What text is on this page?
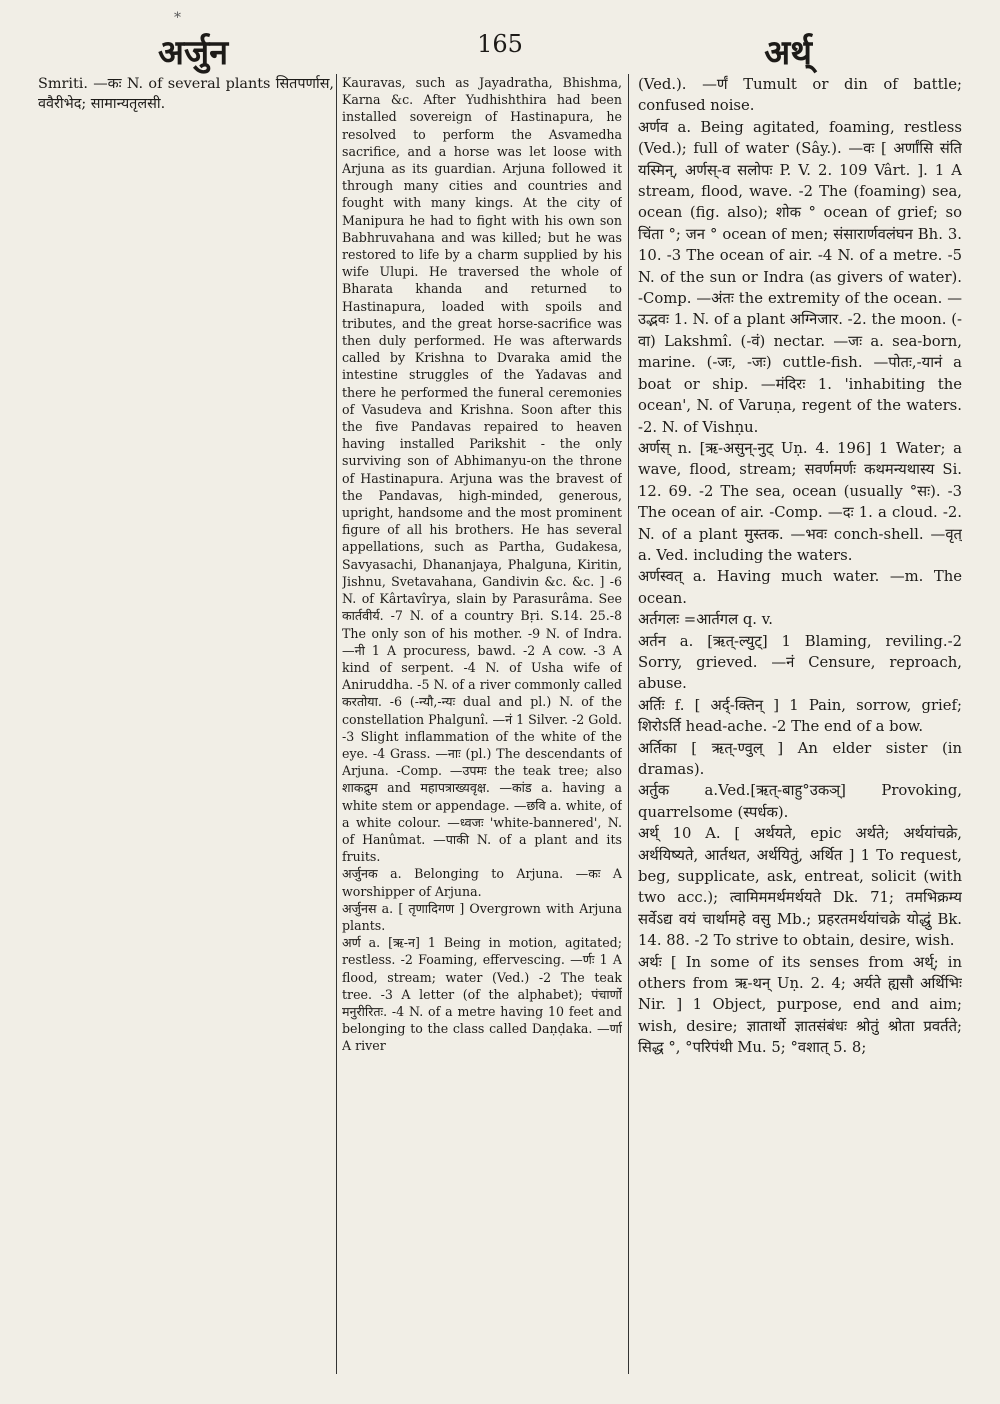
*
अर्जुन	165	अर्थ्

Smriti. —कः N. of several plants सितपर्णास, ववैरीभेद; सामान्यतृलसी.

Kauravas, such as Jayadratha, Bhishma, Karna &c. After Yudhishthira had been installed sovereign of Hastinapura, he resolved to perform the Asvamedha sacrifice, and a horse was let loose with Arjuna as its guardian. Arjuna followed it through many cities and countries and fought with many kings. At the city of Manipura he had to fight with his own son Babhruvahana and was killed; but he was restored to life by a charm supplied by his wife Ulupi. He traversed the whole of Bharata khanda and returned to Hastinapura, loaded with spoils and tributes, and the great horse-sacrifice was then duly performed. He was afterwards called by Krishna to Dvaraka amid the intestine struggles of the Yadavas and there he performed the funeral ceremonies of Vasudeva and Krishna. Soon after this the five Pandavas repaired to heaven having installed Parikshit - the only surviving son of Abhimanyu-on the throne of Hastinapura. Arjuna was the bravest of the Pandavas, high-minded, generous, upright, handsome and the most prominent figure of all his brothers. He has several appellations, such as Partha, Gudakesa, Savyasachi, Dhananjaya, Phalguna, Kiritin, Jishnu, Svetavahana, Gandivin &c. &c. ] -6 N. of Kârtavîrya, slain by Parasurâma. See कार्तवीर्य. -7 N. of a country Bṛi. S.14. 25.-8 The only son of his mother. -9 N. of Indra. —नी 1 A procuress, bawd. -2 A cow. -3 A kind of serpent. -4 N. of Usha wife of Aniruddha. -5 N. of a river commonly called करतोया. -6 (-न्यौ,-न्यः dual and pl.) N. of the constellation Phalgunî. —नं 1 Silver. -2 Gold. -3 Slight inflammation of the white of the eye. -4 Grass. —नाः (pl.) The descendants of Arjuna. -Comp. —उपमः the teak tree; also शाकद्रुम and महापत्राख्यवृक्ष. —कांड a. having a white stem or appendage. —छवि a. white, of a white colour. —ध्वजः 'white-bannered', N. of Hanûmat. —पाकी N. of a plant and its fruits.

अर्जुनक a. Belonging to Arjuna. —कः A worshipper of Arjuna.

अर्जुनस a. [ तृणादिगण ] Overgrown with Arjuna plants.

अर्ण a. [ऋ-न] 1 Being in motion, agitated; restless. -2 Foaming, effervescing. —र्णः 1 A flood, stream; water (Ved.) -2 The teak tree. -3 A letter (of the alphabet); पंचार्णो मनुरीरितः. -4 N. of a metre having 10 feet and belonging to the class called Daṇḍaka. —र्णा A river

(Ved.). —र्णं Tumult or din of battle; confused noise.

अर्णव a. Being agitated, foaming, restless (Ved.); full of water (Sây.). —वः [ अर्णांसि संति यस्मिन्, अर्णस्-व सलोपः P. V. 2. 109 Vârt. ]. 1 A stream, flood, wave. -2 The (foaming) sea, ocean (fig. also); शोक ° ocean of grief; so चिंता °; जन ° ocean of men; संसारार्णवलंघन Bh. 3. 10. -3 The ocean of air. -4 N. of a metre. -5 N. of the sun or Indra (as givers of water). -Comp. —अंतः the extremity of the ocean. —उद्भवः 1. N. of a plant अग्निजार. -2. the moon. (-वा) Lakshmî. (-वं) nectar. —जः a. sea-born, marine. (-जः, -जः) cuttle-fish. —पोतः,-यानं a boat or ship. —मंदिरः 1. 'inhabiting the ocean', N. of Varuṇa, regent of the waters. -2. N. of Vishṇu.

अर्णस् n. [ऋ-असुन्-नुट् Uṇ. 4. 196] 1 Water; a wave, flood, stream; सवर्णमर्णः कथमन्यथास्य Si. 12. 69. -2 The sea, ocean (usually °सः). -3 The ocean of air. -Comp. —दः 1. a cloud. -2. N. of a plant मुस्तक. —भवः conch-shell. —वृत् a. Ved. including the waters.

अर्णस्वत् a. Having much water. —m. The ocean.

अर्तगलः =आर्तगल q. v.

अर्तन a. [ऋत्-ल्युट्] 1 Blaming, reviling.-2 Sorry, grieved. —नं Censure, reproach, abuse.

अर्तिः f. [ अर्द्-क्तिन् ] 1 Pain, sorrow, grief; शिरोऽर्ति head-ache. -2 The end of a bow.

अर्तिका [ ऋत्-ण्वुल् ] An elder sister (in dramas).

अर्तुक a.Ved.[ऋत्-बाहु°उकञ्] Provoking, quarrelsome (स्पर्धक).

अर्थ् 10 A. [ अर्थयते, epic अर्थते; अर्थयांचक्रे, अर्थयिष्यते, आर्तथत, अर्थयितुं, अर्थित ] 1 To request, beg, supplicate, ask, entreat, solicit (with two acc.); त्वामिममर्थमर्थयते Dk. 71; तमभिक्रम्य सर्वेऽद्य वयं चार्थामहे वसु Mb.; प्रहरतमर्थयांचक्रे योद्धुं Bk. 14. 88. -2 To strive to obtain, desire, wish.

अर्थः [ In some of its senses from अर्थ्; in others from ऋ-थन् Uṇ. 2. 4; अर्यते ह्यसौ अर्थिभिः Nir. ] 1 Object, purpose, end and aim; wish, desire; ज्ञातार्थो ज्ञातसंबंधः श्रोतुं श्रोता प्रवर्तते; सिद्ध °, °परिपंथी Mu. 5; °वशात् 5. 8;
